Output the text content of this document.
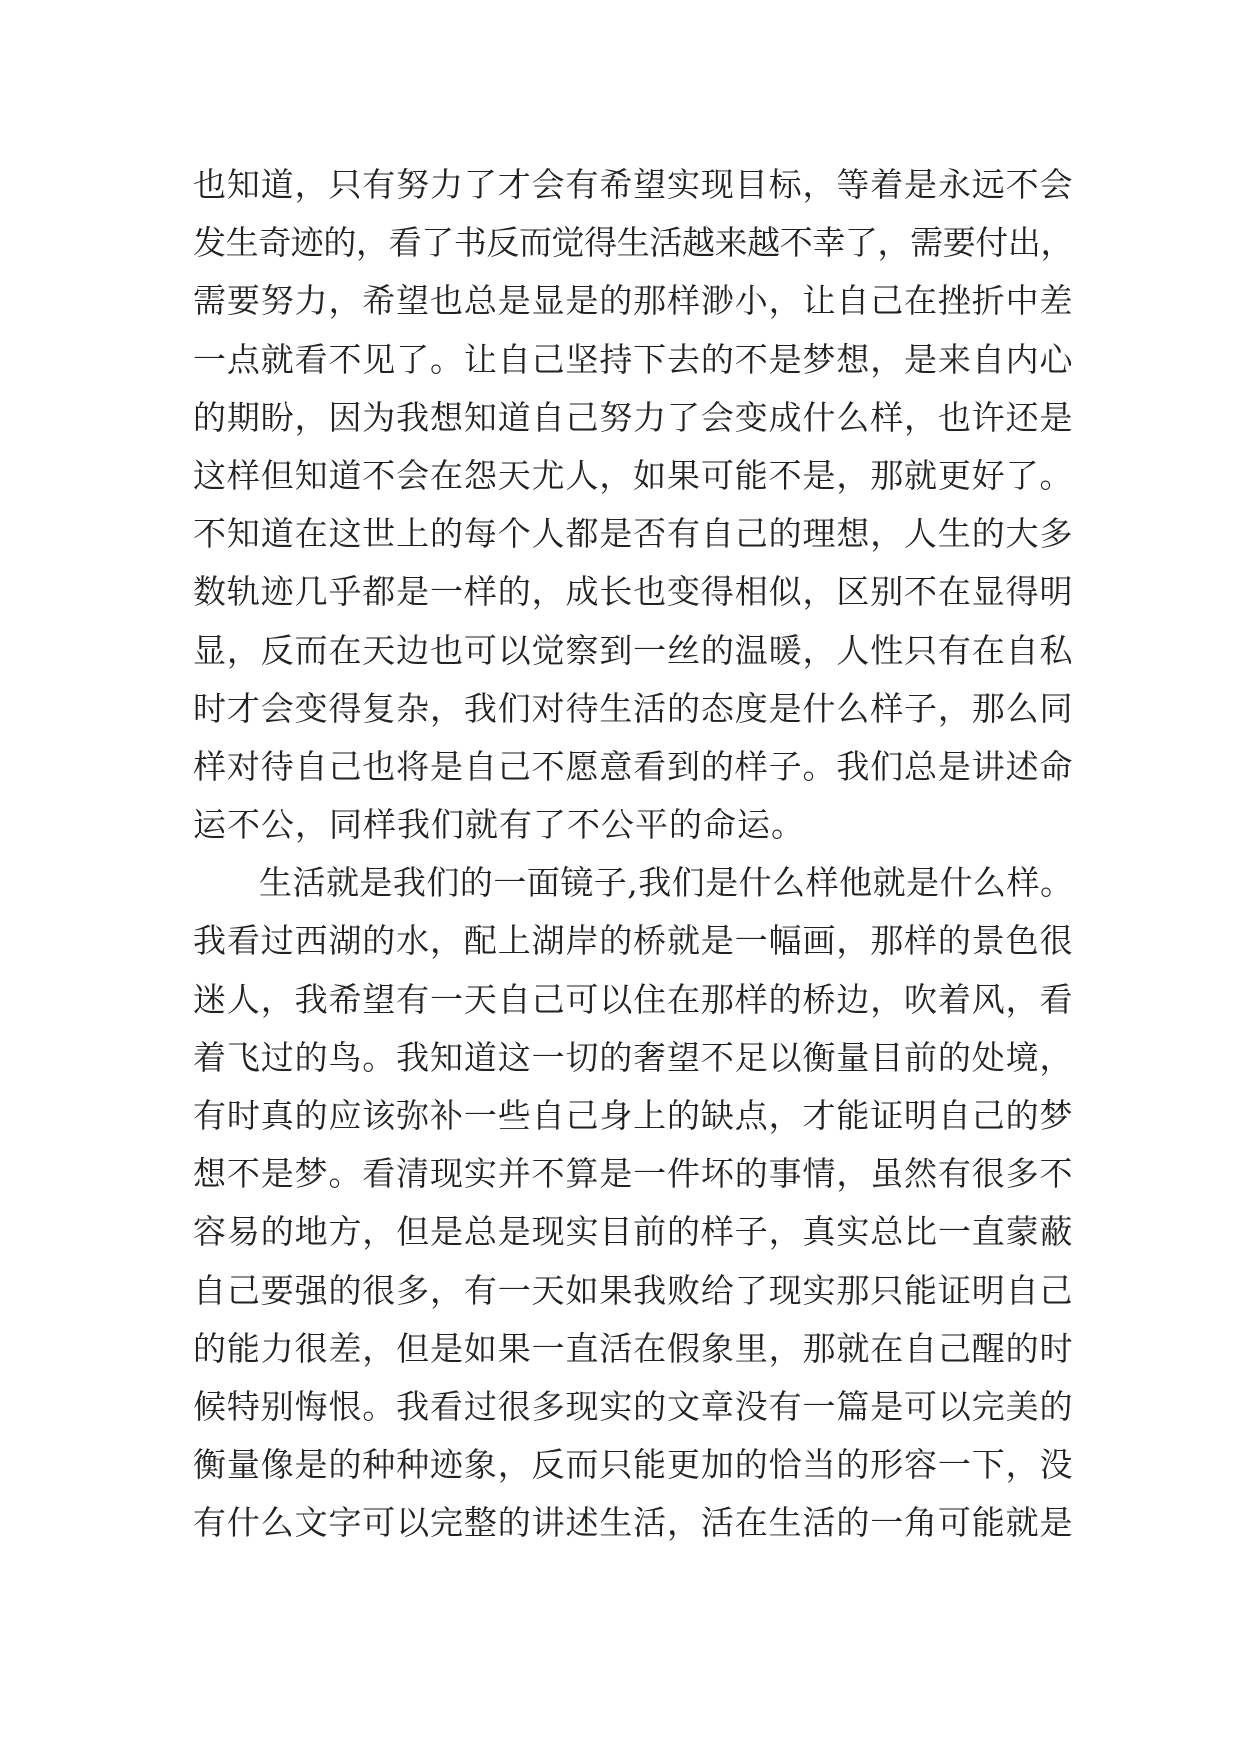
也知道，只有努力了才会有希望实现目标，等着是永远不会
发生奇迹的，看了书反而觉得生活越来越不幸了，需要付出，
需要努力，希望也总是显是的那样渺小，让自己在挫折中差
一点就看不见了。让自己坚持下去的不是梦想，是来自内心
的期盼，因为我想知道自己努力了会变成什么样，也许还是
这样但知道不会在怨天尤人，如果可能不是，那就更好了。
不知道在这世上的每个人都是否有自己的理想，人生的大多
数轨迹几乎都是一样的，成长也变得相似，区别不在显得明
显，反而在天边也可以觉察到一丝的温暖，人性只有在自私
时才会变得复杂，我们对待生活的态度是什么样子，那么同
样对待自己也将是自己不愿意看到的样子。我们总是讲述命
运不公，同样我们就有了不公平的命运。
生活就是我们的一面镜子,我们是什么样他就是什么样。
我看过西湖的水，配上湖岸的桥就是一幅画，那样的景色很
迷人，我希望有一天自己可以住在那样的桥边，吹着风，看
着飞过的鸟。我知道这一切的奢望不足以衡量目前的处境，
有时真的应该弥补一些自己身上的缺点，才能证明自己的梦
想不是梦。看清现实并不算是一件坏的事情，虽然有很多不
容易的地方，但是总是现实目前的样子，真实总比一直蒙蔽
自己要强的很多，有一天如果我败给了现实那只能证明自己
的能力很差，但是如果一直活在假象里，那就在自己醒的时
候特别悔恨。我看过很多现实的文章没有一篇是可以完美的
衡量像是的种种迹象，反而只能更加的恰当的形容一下，没
有什么文字可以完整的讲述生活，活在生活的一角可能就是
